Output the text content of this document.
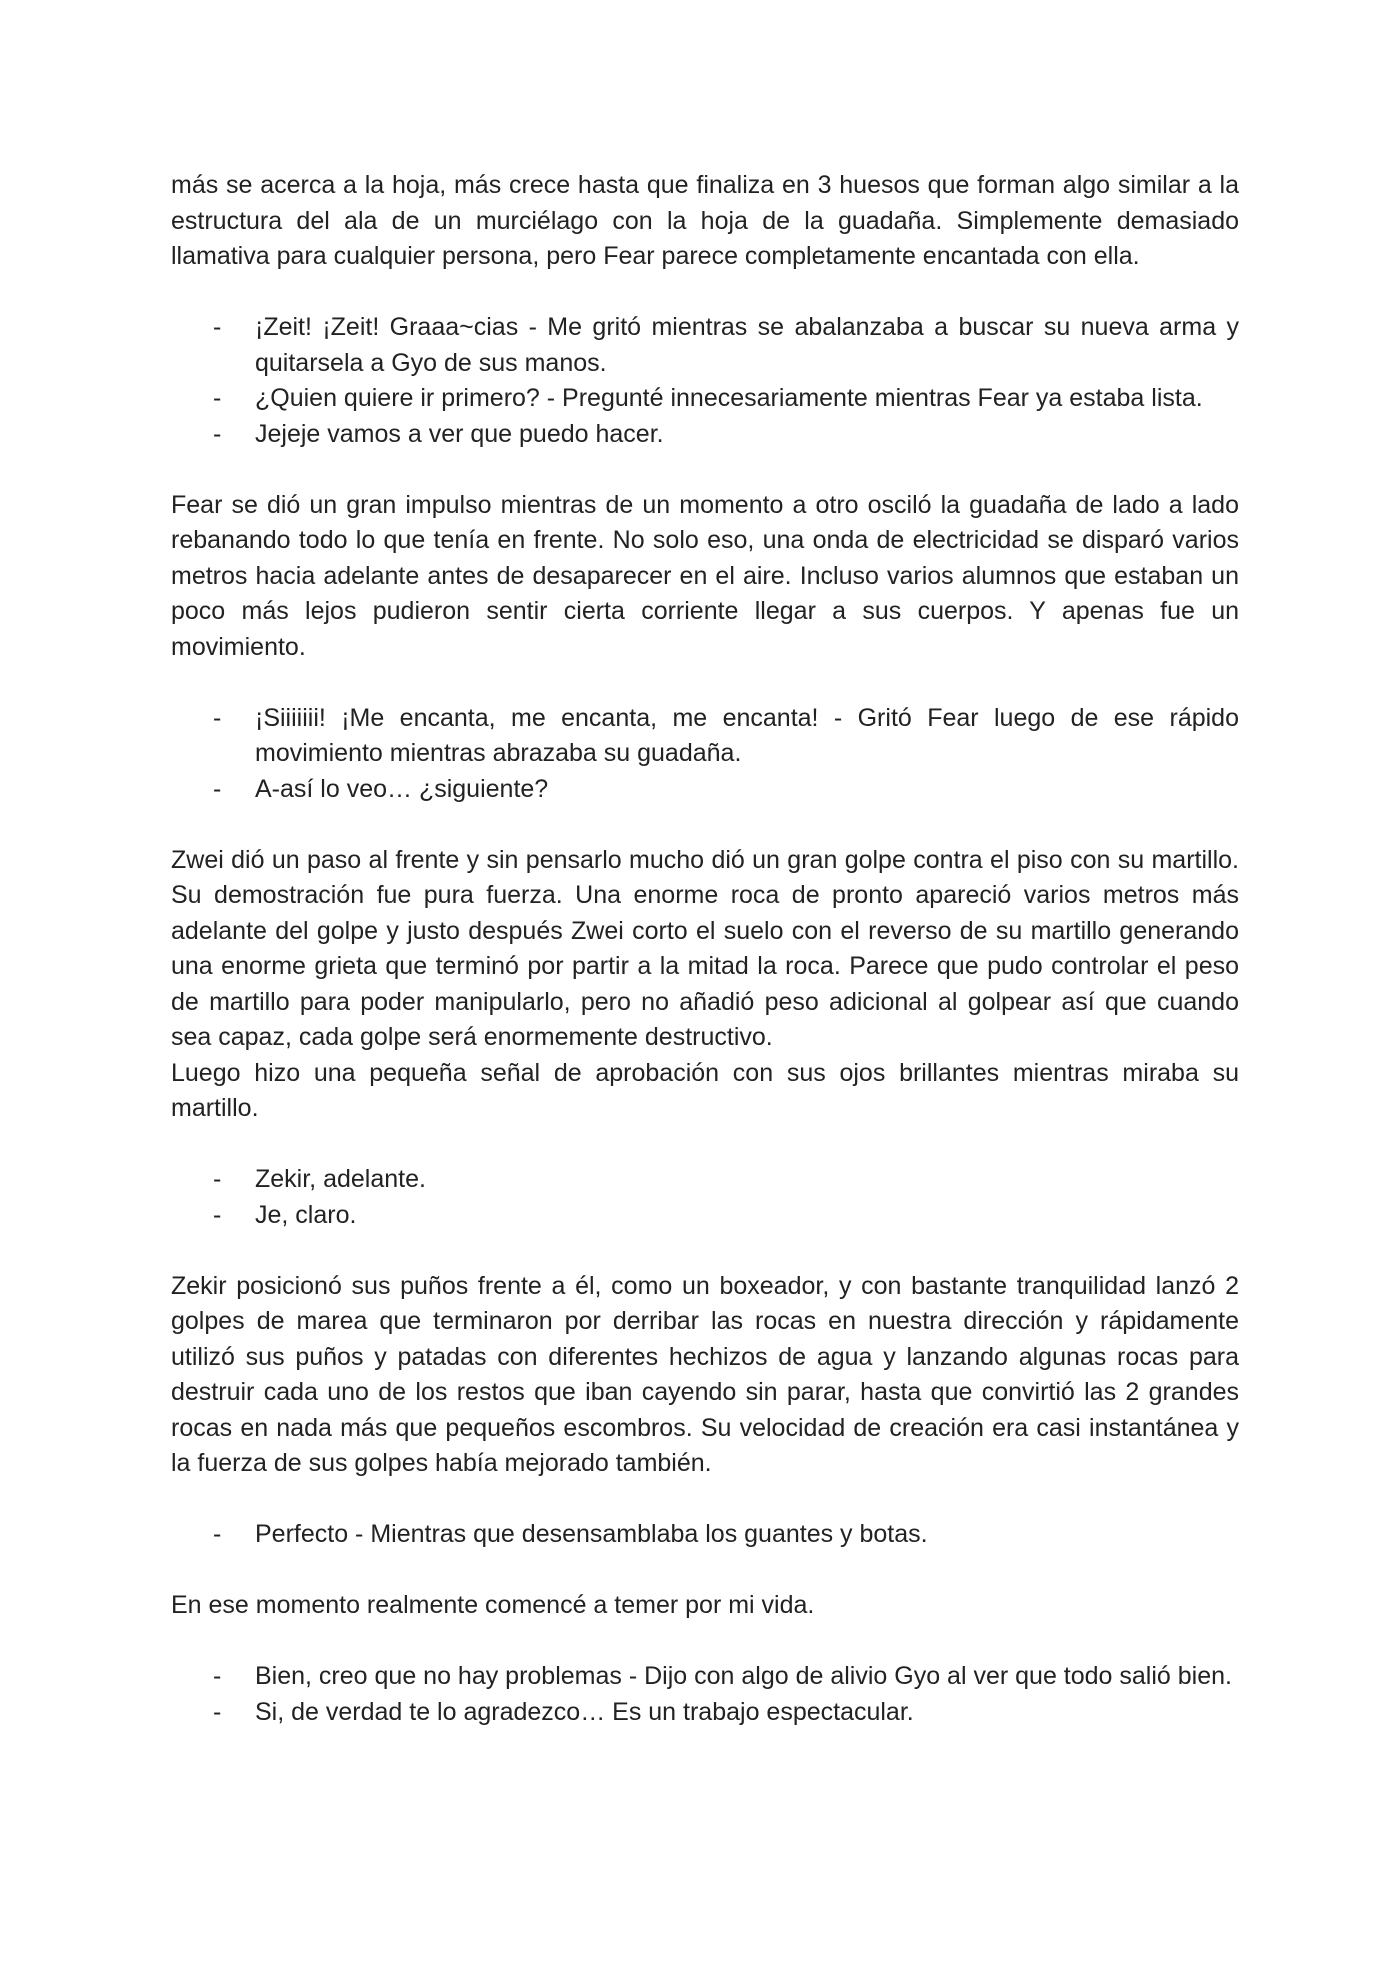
más se acerca a la hoja, más crece hasta que finaliza en 3 huesos que forman algo similar a la estructura del ala de un murciélago con la hoja de la guadaña. Simplemente demasiado llamativa para cualquier persona, pero Fear parece completamente encantada con ella.

- ¡Zeit! ¡Zeit! Graaa~cias - Me gritó mientras se abalanzaba a buscar su nueva arma y quitarsela a Gyo de sus manos.
- ¿Quien quiere ir primero? - Pregunté innecesariamente mientras Fear ya estaba lista.
- Jejeje vamos a ver que puedo hacer.

Fear se dió un gran impulso mientras de un momento a otro osciló la guadaña de lado a lado rebanando todo lo que tenía en frente. No solo eso, una onda de electricidad se disparó varios metros hacia adelante antes de desaparecer en el aire. Incluso varios alumnos que estaban un poco más lejos pudieron sentir cierta corriente llegar a sus cuerpos. Y apenas fue un movimiento.

- ¡Siiiiiii! ¡Me encanta, me encanta, me encanta! - Gritó Fear luego de ese rápido movimiento mientras abrazaba su guadaña.
- A-así lo veo… ¿siguiente?

Zwei dió un paso al frente y sin pensarlo mucho dió un gran golpe contra el piso con su martillo. Su demostración fue pura fuerza. Una enorme roca de pronto apareció varios metros más adelante del golpe y justo después Zwei corto el suelo con el reverso de su martillo generando una enorme grieta que terminó por partir a la mitad la roca. Parece que pudo controlar el peso de martillo para poder manipularlo, pero no añadió peso adicional al golpear así que cuando sea capaz, cada golpe será enormemente destructivo.

Luego hizo una pequeña señal de aprobación con sus ojos brillantes mientras miraba su martillo.

- Zekir, adelante.
- Je, claro.

Zekir posicionó sus puños frente a él, como un boxeador, y con bastante tranquilidad lanzó 2 golpes de marea que terminaron por derribar las rocas en nuestra dirección y rápidamente utilizó sus puños y patadas con diferentes hechizos de agua y lanzando algunas rocas para destruir cada uno de los restos que iban cayendo sin parar, hasta que convirtió las 2 grandes rocas en nada más que pequeños escombros. Su velocidad de creación era casi instantánea y la fuerza de sus golpes había mejorado también.

- Perfecto - Mientras que desensamblaba los guantes y botas.

En ese momento realmente comencé a temer por mi vida.

- Bien, creo que no hay problemas - Dijo con algo de alivio Gyo al ver que todo salió bien.
- Si, de verdad te lo agradezco… Es un trabajo espectacular.
